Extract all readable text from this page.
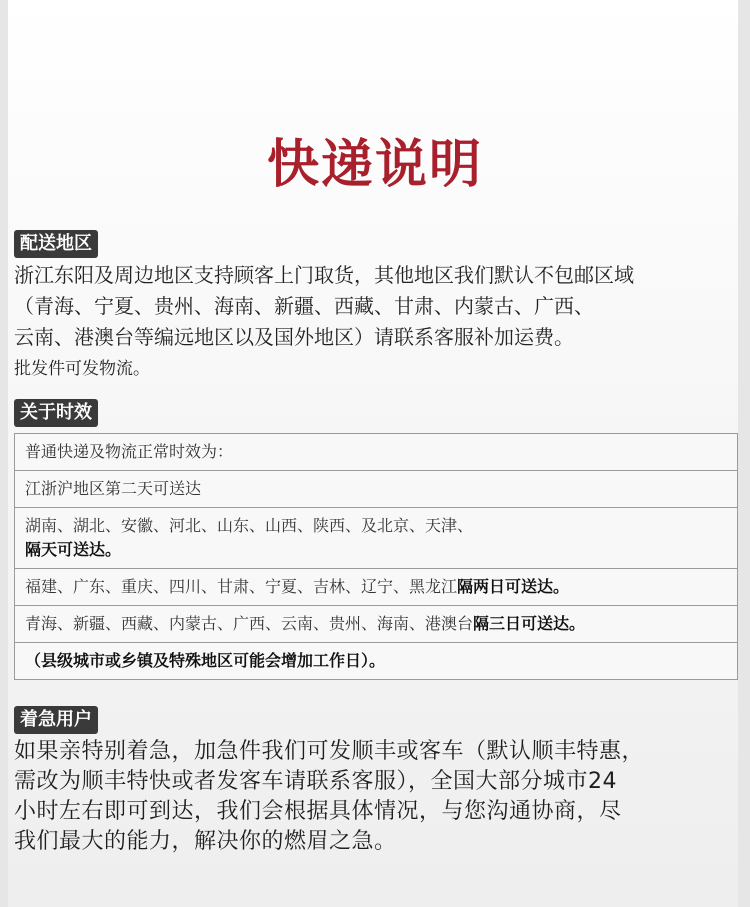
快递说明
配送地区
浙江东阳及周边地区支持顾客上门取货，其他地区我们默认不包邮区域
（青海、宁夏、贵州、海南、新疆、西藏、甘肃、内蒙古、广西、
云南、港澳台等编远地区以及国外地区）请联系客服补加运费。
批发件可发物流。
关于时效
普通快递及物流正常时效为：
江浙沪地区第二天可送达
湖南、湖北、安徽、河北、山东、山西、陕西、及北京、天津、
隔天可送达。
福建、广东、重庆、四川、甘肃、宁夏、吉林、辽宁、黑龙江隔两日可送达。
青海、新疆、西藏、内蒙古、广西、云南、贵州、海南、港澳台隔三日可送达。
（县级城市或乡镇及特殊地区可能会增加工作日）。
着急用户
如果亲特别着急，加急件我们可发顺丰或客车（默认顺丰特惠，
需改为顺丰特快或者发客车请联系客服），全国大部分城市24
小时左右即可到达，我们会根据具体情况，与您沟通协商，尽
我们最大的能力，解决你的燃眉之急。
